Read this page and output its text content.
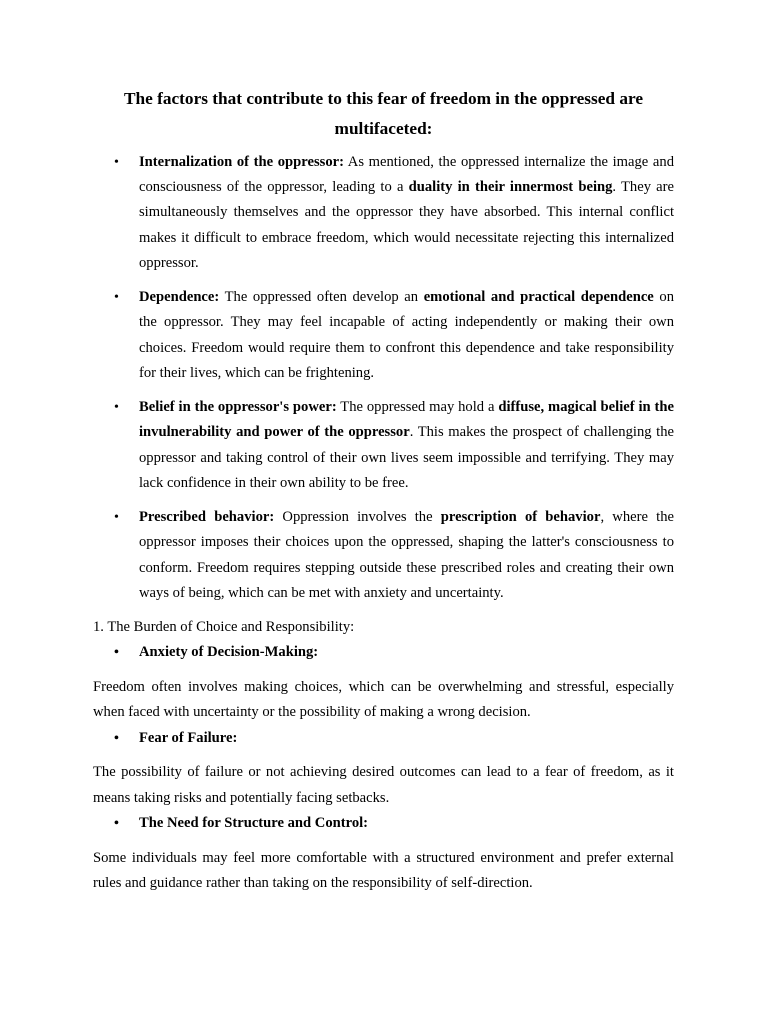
The factors that contribute to this fear of freedom in the oppressed are multifaceted:
• Internalization of the oppressor: As mentioned, the oppressed internalize the image and consciousness of the oppressor, leading to a duality in their innermost being. They are simultaneously themselves and the oppressor they have absorbed. This internal conflict makes it difficult to embrace freedom, which would necessitate rejecting this internalized oppressor.
• Dependence: The oppressed often develop an emotional and practical dependence on the oppressor. They may feel incapable of acting independently or making their own choices. Freedom would require them to confront this dependence and take responsibility for their lives, which can be frightening.
• Belief in the oppressor's power: The oppressed may hold a diffuse, magical belief in the invulnerability and power of the oppressor. This makes the prospect of challenging the oppressor and taking control of their own lives seem impossible and terrifying. They may lack confidence in their own ability to be free.
• Prescribed behavior: Oppression involves the prescription of behavior, where the oppressor imposes their choices upon the oppressed, shaping the latter's consciousness to conform. Freedom requires stepping outside these prescribed roles and creating their own ways of being, which can be met with anxiety and uncertainty.

1. The Burden of Choice and Responsibility:

• Anxiety of Decision-Making:

Freedom often involves making choices, which can be overwhelming and stressful, especially when faced with uncertainty or the possibility of making a wrong decision.

• Fear of Failure:

The possibility of failure or not achieving desired outcomes can lead to a fear of freedom, as it means taking risks and potentially facing setbacks.

• The Need for Structure and Control:

Some individuals may feel more comfortable with a structured environment and prefer external rules and guidance rather than taking on the responsibility of self-direction.
